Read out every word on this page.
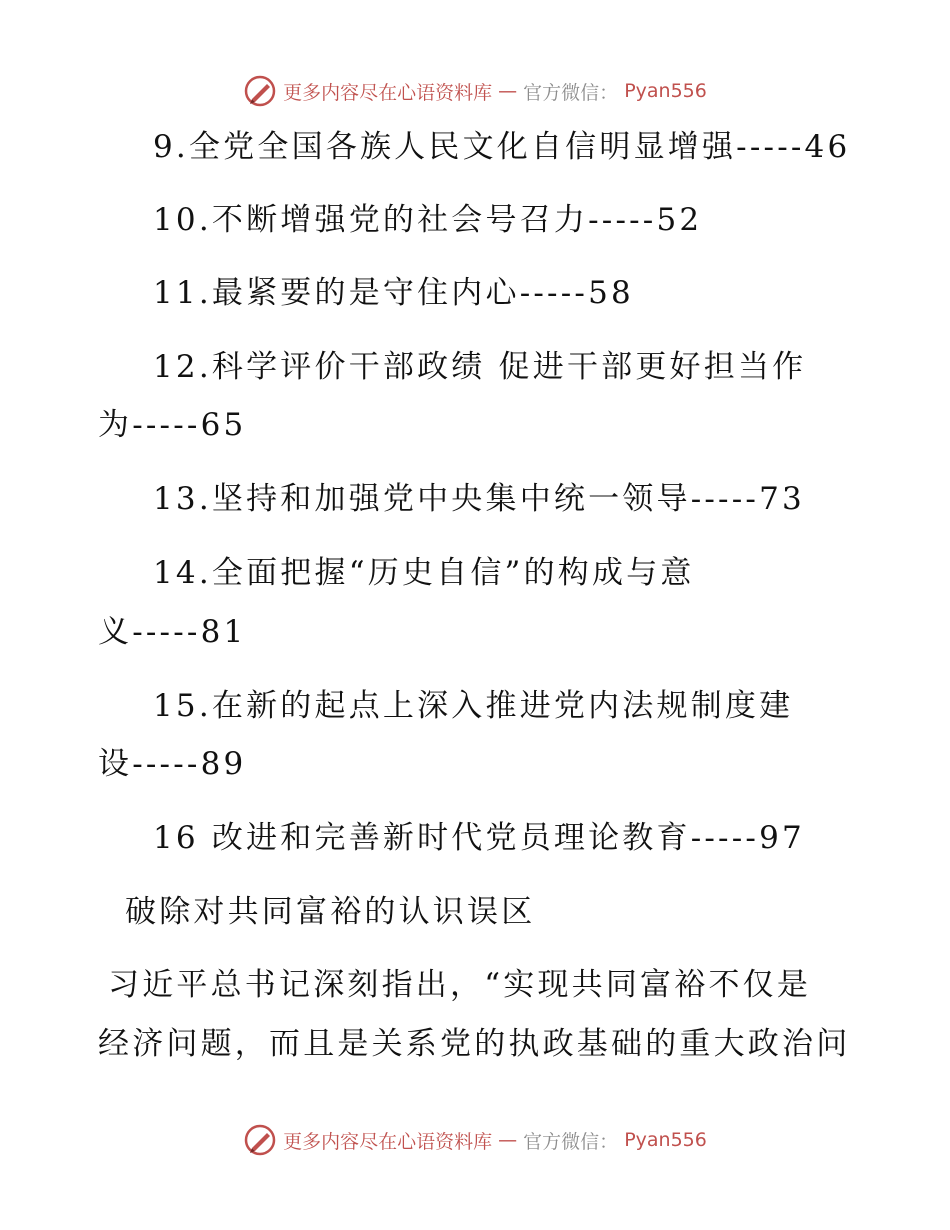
更多内容尽在心语资料库 — 官方微信： Pyan556
9.全党全国各族人民文化自信明显增强-----46
10.不断增强党的社会号召力-----52
11.最紧要的是守住内心-----58
12.科学评价干部政绩 促进干部更好担当作
为-----65
13.坚持和加强党中央集中统一领导-----73
14.全面把握“历史自信”的构成与意
义-----81
15.在新的起点上深入推进党内法规制度建
设-----89
16 改进和完善新时代党员理论教育-----97
破除对共同富裕的认识误区
习近平总书记深刻指出，“实现共同富裕不仅是
经济问题，而且是关系党的执政基础的重大政治问
更多内容尽在心语资料库 — 官方微信： Pyan556
